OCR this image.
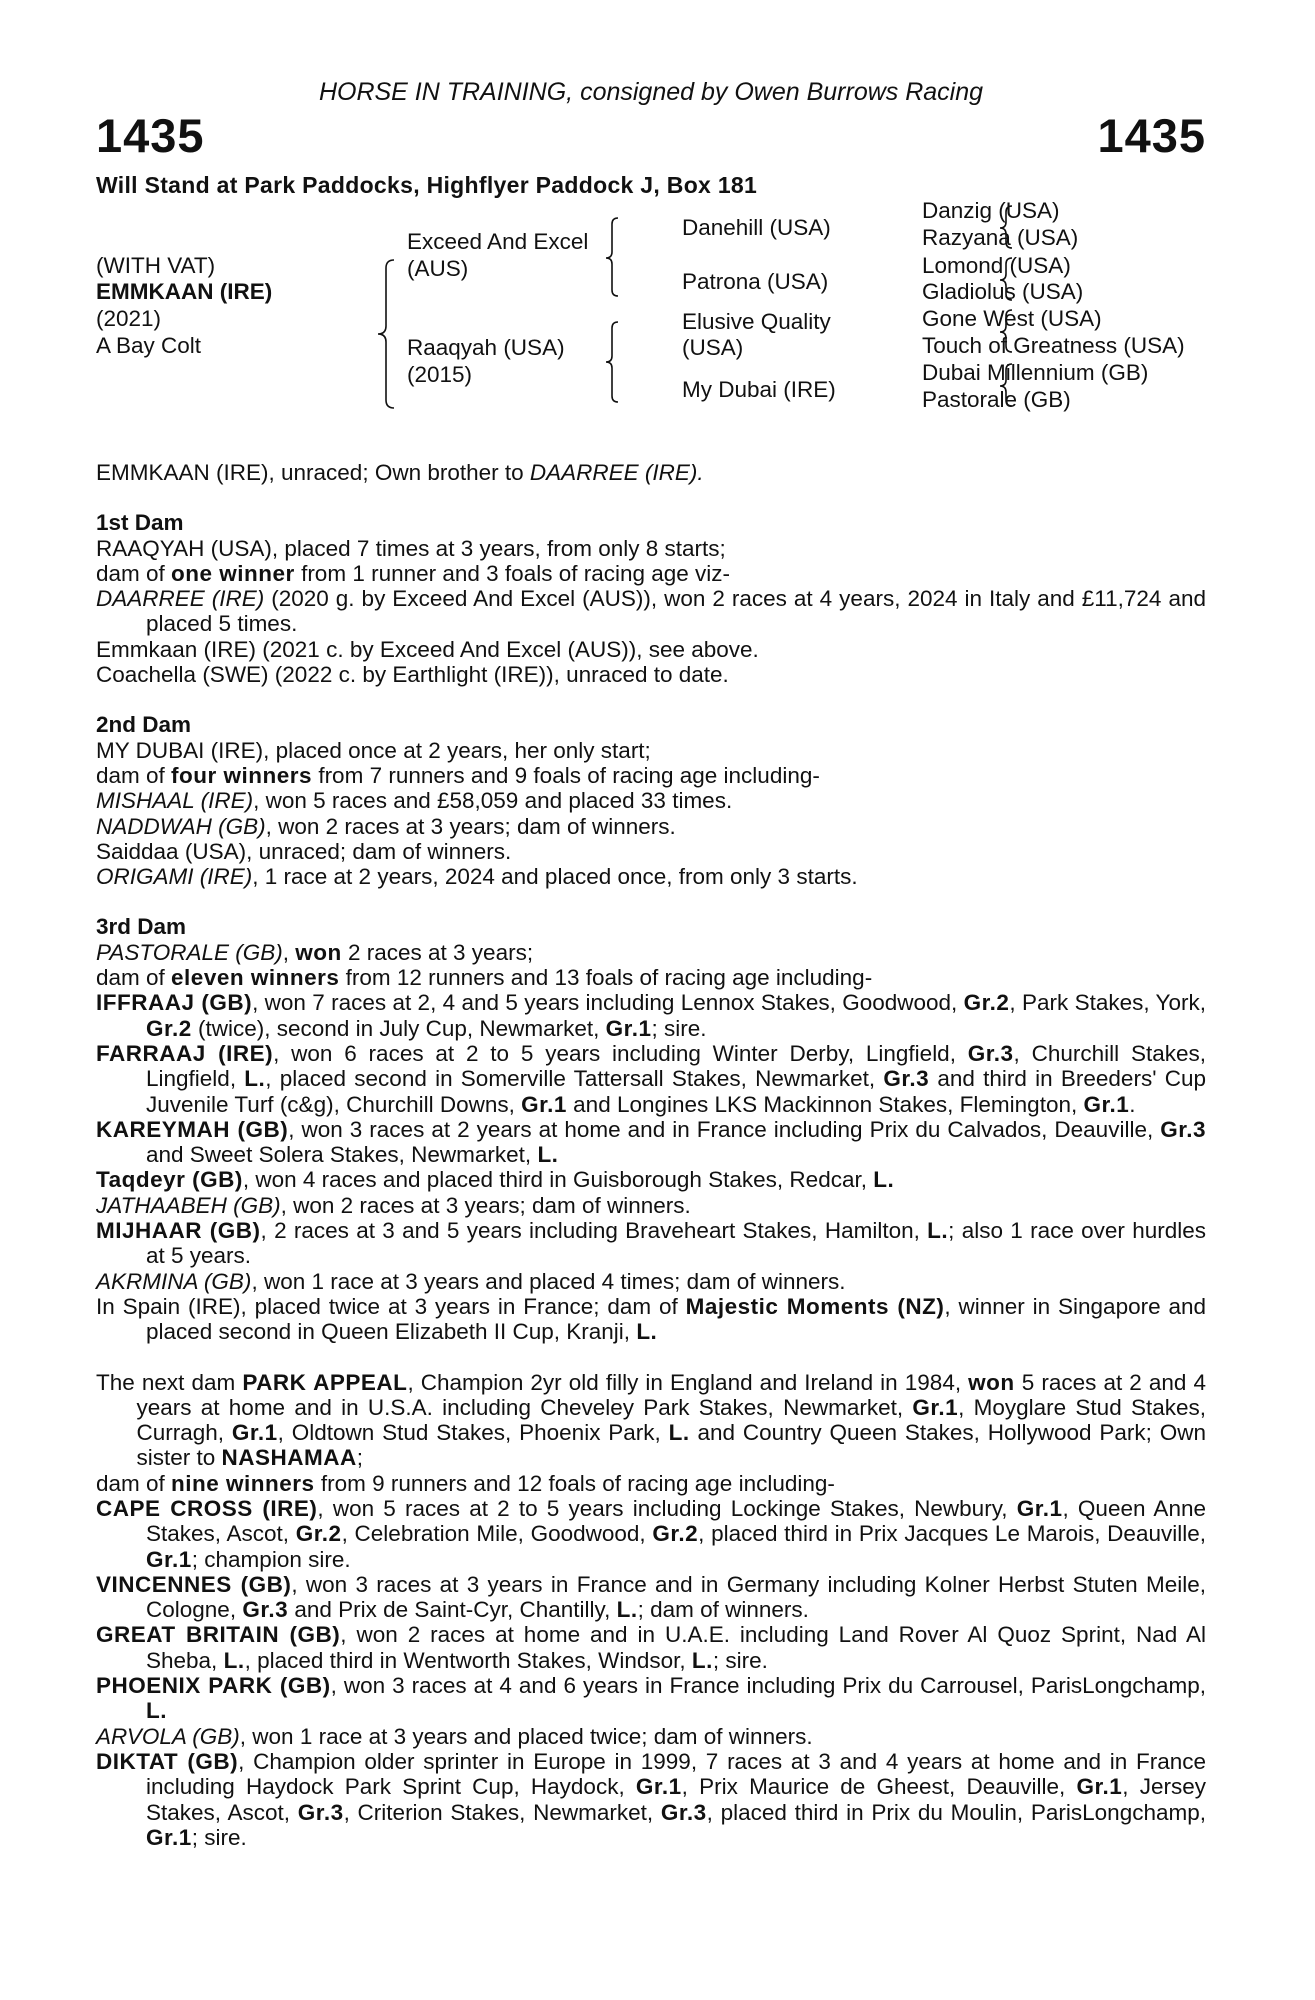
HORSE IN TRAINING, consigned by Owen Burrows Racing
1435	1435
Will Stand at Park Paddocks, Highflyer Paddock J, Box 181
(WITH VAT)
EMMKAAN (IRE)
(2021)
A Bay Colt
Exceed And Excel
(AUS)
Raaqyah (USA)
(2015)
Danehill (USA)
Patrona (USA)
Elusive Quality
(USA)
My Dubai (IRE)
Danzig (USA)
Razyana (USA)
Lomond (USA)
Gladiolus (USA)
Gone West (USA)
Touch of Greatness (USA)
Dubai Millennium (GB)
Pastorale (GB)

EMMKAAN (IRE), unraced; Own brother to DAARREE (IRE).

1st Dam

RAAQYAH (USA), placed 7 times at 3 years, from only 8 starts;

dam of one winner from 1 runner and 3 foals of racing age viz-

DAARREE (IRE) (2020 g. by Exceed And Excel (AUS)), won 2 races at 4 years, 2024 in Italy and £11,724 and placed 5 times.

Emmkaan (IRE) (2021 c. by Exceed And Excel (AUS)), see above.

Coachella (SWE) (2022 c. by Earthlight (IRE)), unraced to date.

2nd Dam

MY DUBAI (IRE), placed once at 2 years, her only start;

dam of four winners from 7 runners and 9 foals of racing age including-

MISHAAL (IRE), won 5 races and £58,059 and placed 33 times.

NADDWAH (GB), won 2 races at 3 years; dam of winners.

Saiddaa (USA), unraced; dam of winners.

ORIGAMI (IRE), 1 race at 2 years, 2024 and placed once, from only 3 starts.

3rd Dam

PASTORALE (GB), won 2 races at 3 years;

dam of eleven winners from 12 runners and 13 foals of racing age including-

IFFRAAJ (GB), won 7 races at 2, 4 and 5 years including Lennox Stakes, Goodwood, Gr.2, Park Stakes, York, Gr.2 (twice), second in July Cup, Newmarket, Gr.1; sire.

FARRAAJ (IRE), won 6 races at 2 to 5 years including Winter Derby, Lingfield, Gr.3, Churchill Stakes, Lingfield, L., placed second in Somerville Tattersall Stakes, Newmarket, Gr.3 and third in Breeders' Cup Juvenile Turf (c&g), Churchill Downs, Gr.1 and Longines LKS Mackinnon Stakes, Flemington, Gr.1.

KAREYMAH (GB), won 3 races at 2 years at home and in France including Prix du Calvados, Deauville, Gr.3 and Sweet Solera Stakes, Newmarket, L.

Taqdeyr (GB), won 4 races and placed third in Guisborough Stakes, Redcar, L.

JATHAABEH (GB), won 2 races at 3 years; dam of winners.

MIJHAAR (GB), 2 races at 3 and 5 years including Braveheart Stakes, Hamilton, L.; also 1 race over hurdles at 5 years.

AKRMINA (GB), won 1 race at 3 years and placed 4 times; dam of winners.

In Spain (IRE), placed twice at 3 years in France; dam of Majestic Moments (NZ), winner in Singapore and placed second in Queen Elizabeth II Cup, Kranji, L.

The next dam PARK APPEAL, Champion 2yr old filly in England and Ireland in 1984, won 5 races at 2 and 4 years at home and in U.S.A. including Cheveley Park Stakes, Newmarket, Gr.1, Moyglare Stud Stakes, Curragh, Gr.1, Oldtown Stud Stakes, Phoenix Park, L. and Country Queen Stakes, Hollywood Park; Own sister to NASHAMAA;

dam of nine winners from 9 runners and 12 foals of racing age including-

CAPE CROSS (IRE), won 5 races at 2 to 5 years including Lockinge Stakes, Newbury, Gr.1, Queen Anne Stakes, Ascot, Gr.2, Celebration Mile, Goodwood, Gr.2, placed third in Prix Jacques Le Marois, Deauville, Gr.1; champion sire.

VINCENNES (GB), won 3 races at 3 years in France and in Germany including Kolner Herbst Stuten Meile, Cologne, Gr.3 and Prix de Saint-Cyr, Chantilly, L.; dam of winners.

GREAT BRITAIN (GB), won 2 races at home and in U.A.E. including Land Rover Al Quoz Sprint, Nad Al Sheba, L., placed third in Wentworth Stakes, Windsor, L.; sire.

PHOENIX PARK (GB), won 3 races at 4 and 6 years in France including Prix du Carrousel, ParisLongchamp, L.

ARVOLA (GB), won 1 race at 3 years and placed twice; dam of winners.

DIKTAT (GB), Champion older sprinter in Europe in 1999, 7 races at 3 and 4 years at home and in France including Haydock Park Sprint Cup, Haydock, Gr.1, Prix Maurice de Gheest, Deauville, Gr.1, Jersey Stakes, Ascot, Gr.3, Criterion Stakes, Newmarket, Gr.3, placed third in Prix du Moulin, ParisLongchamp, Gr.1; sire.
